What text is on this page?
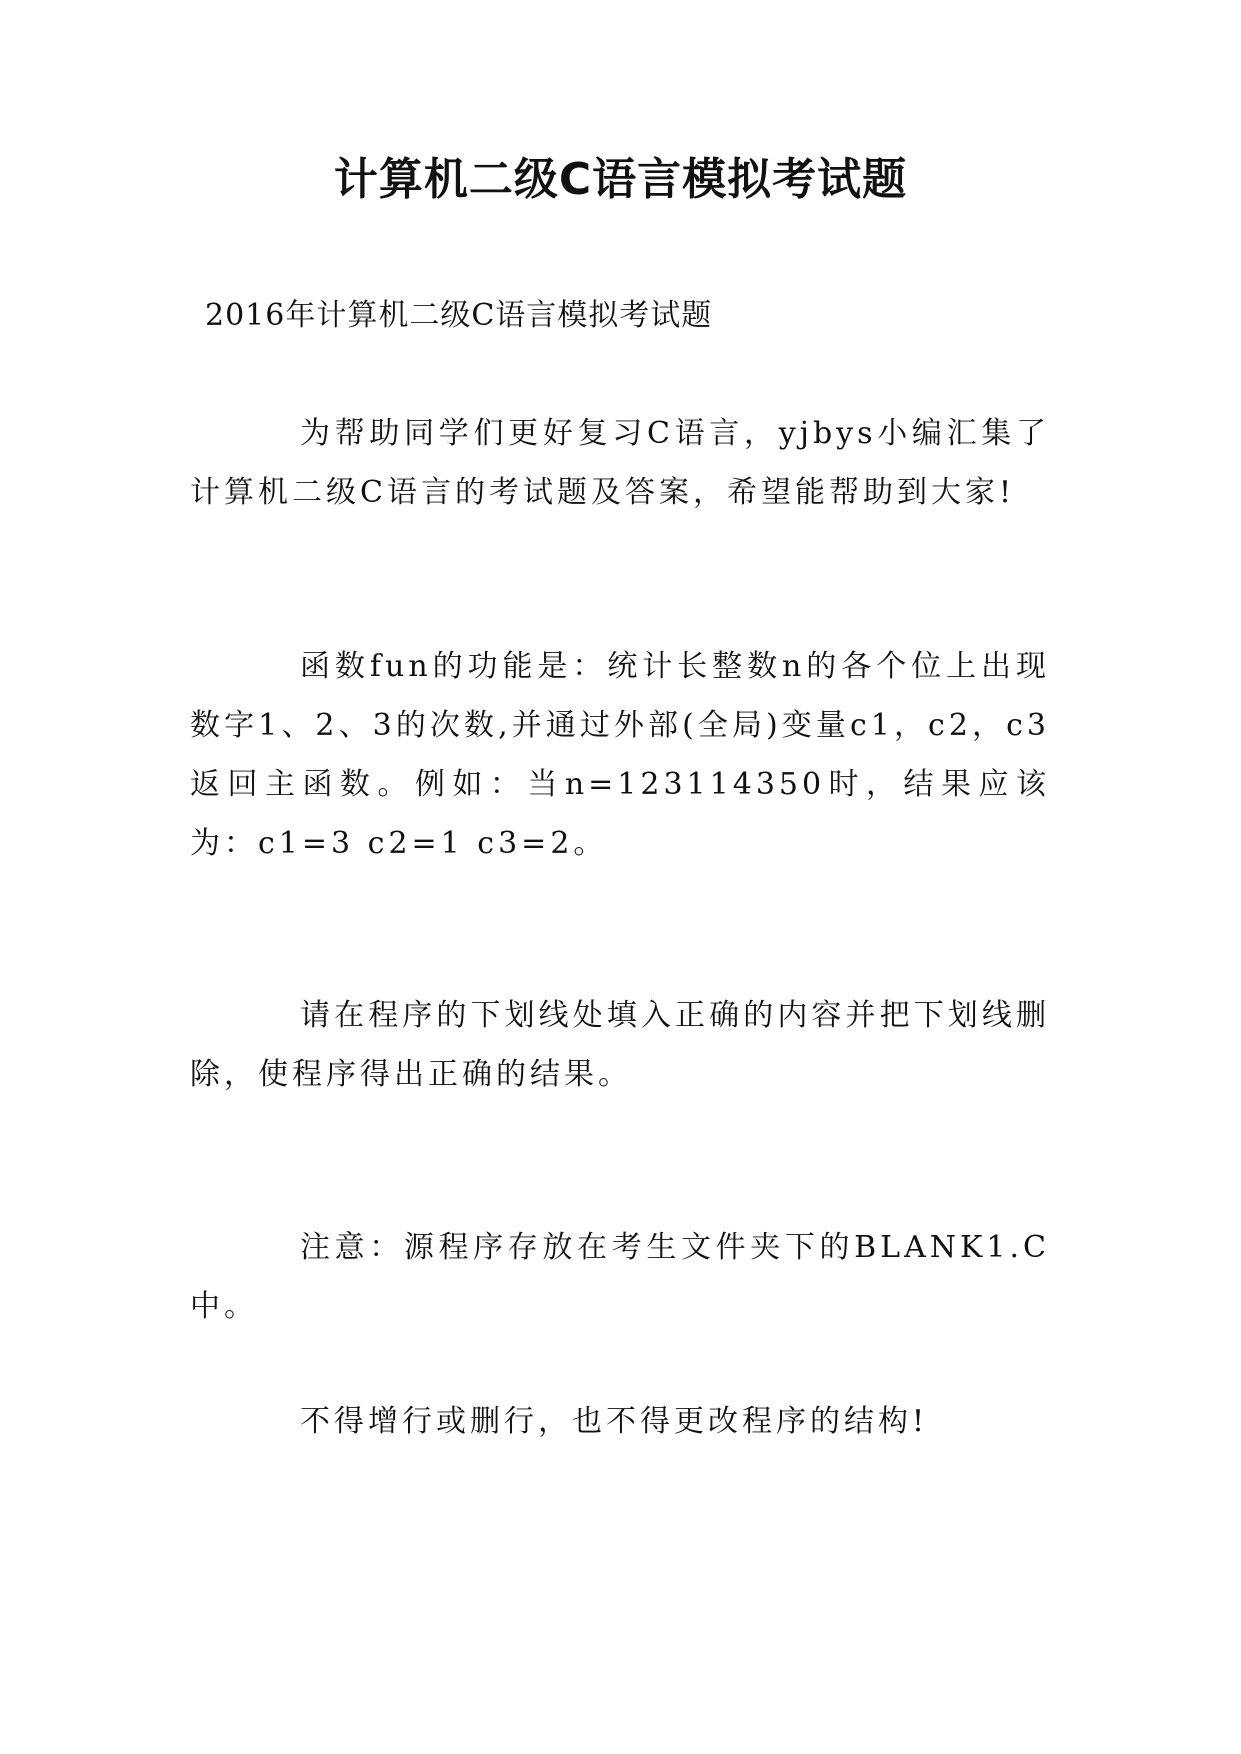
计算机二级C语言模拟考试题
2016年计算机二级C语言模拟考试题

为帮助同学们更好复习C语言，yjbys小编汇集了计算机二级C语言的考试题及答案，希望能帮助到大家!

函数fun的功能是：统计长整数n的各个位上出现数字1、2、3的次数,并通过外部(全局)变量c1，c2，c3返回主函数。例如：当n=123114350时，结果应该为：c1=3 c2=1 c3=2。

请在程序的下划线处填入正确的内容并把下划线删除，使程序得出正确的结果。

注意：源程序存放在考生文件夹下的BLANK1.C中。

不得增行或删行，也不得更改程序的结构!
